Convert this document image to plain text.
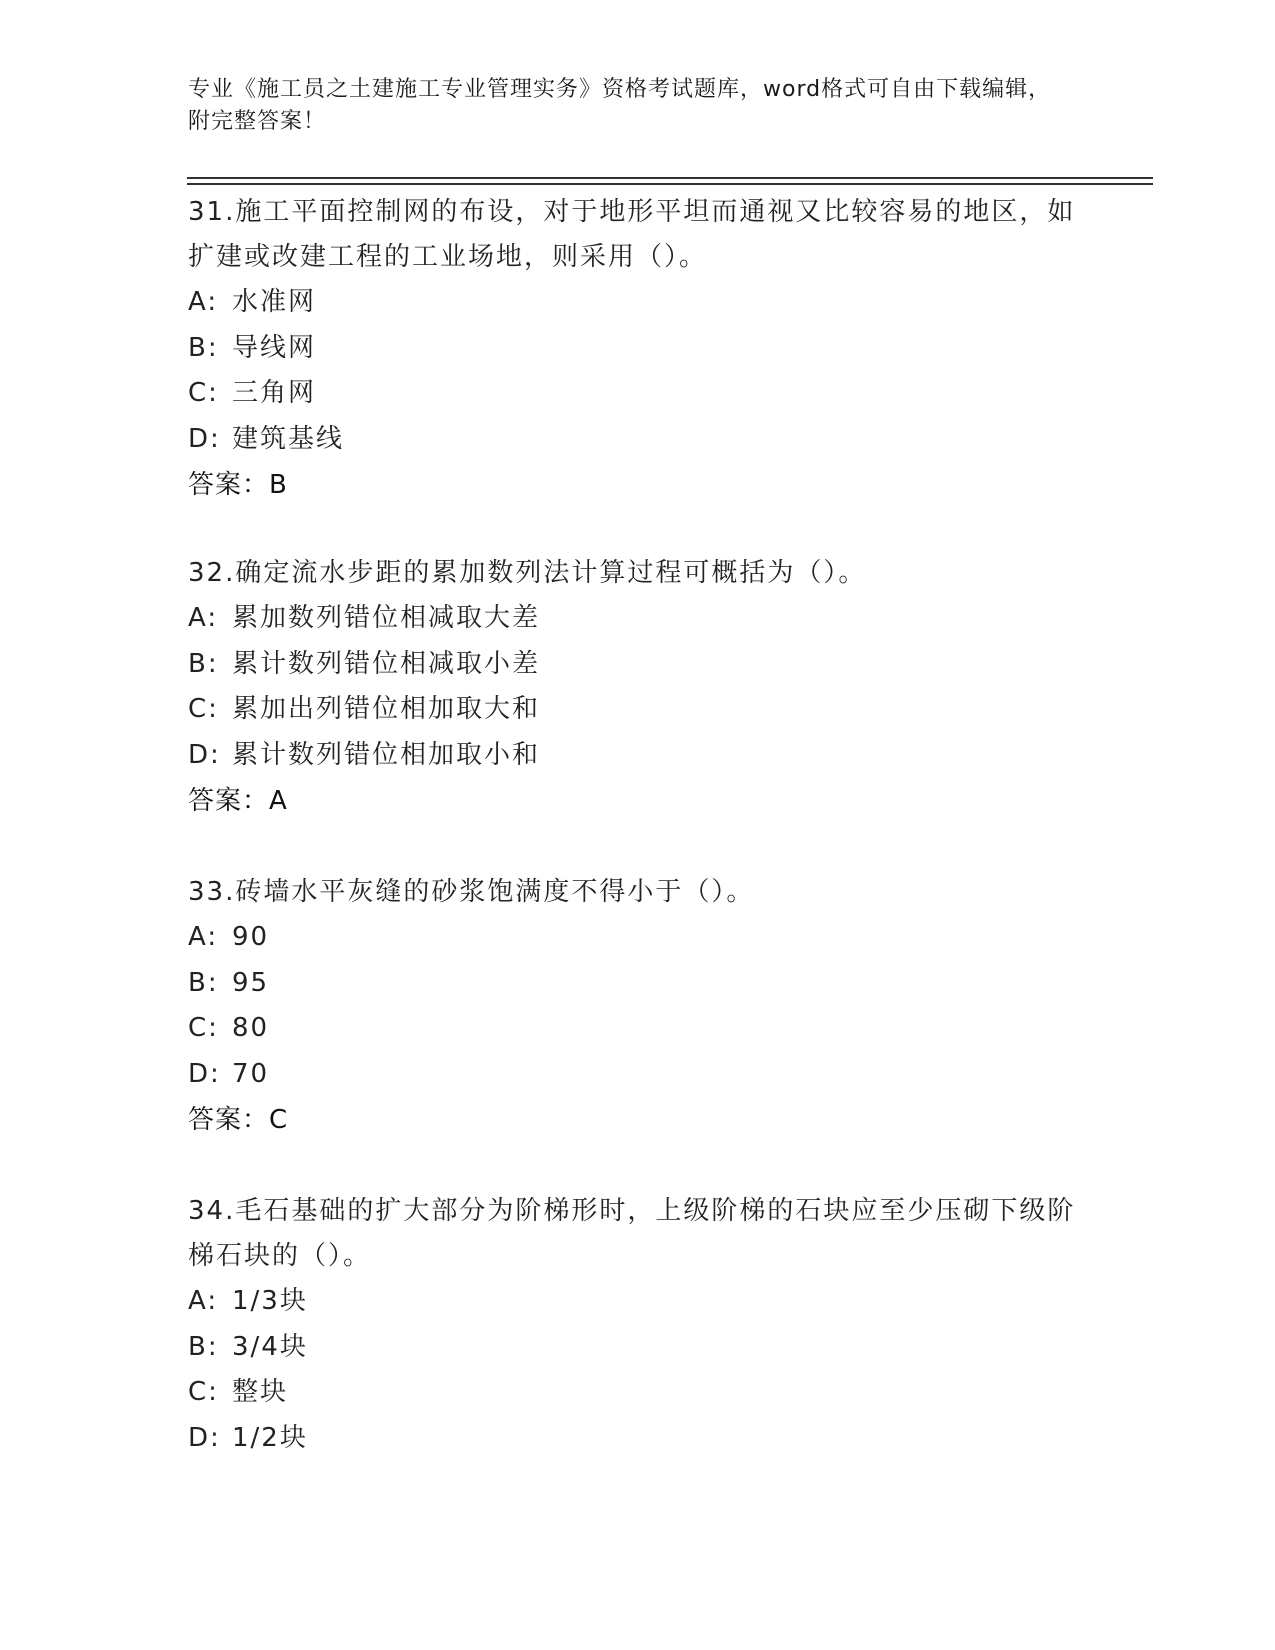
专业《施工员之土建施工专业管理实务》资格考试题库，word格式可自由下载编辑，附完整答案！

31.施工平面控制网的布设，对于地形平坦而通视又比较容易的地区，如扩建或改建工程的工业场地，则采用（）。

A: 水准网
B: 导线网
C: 三角网
D: 建筑基线
答案： B

32.确定流水步距的累加数列法计算过程可概括为（）。

A: 累加数列错位相减取大差
B: 累计数列错位相减取小差
C: 累加出列错位相加取大和
D: 累计数列错位相加取小和
答案： A

33.砖墙水平灰缝的砂浆饱满度不得小于（）。

A: 90
B: 95
C: 80
D: 70
答案： C

34.毛石基础的扩大部分为阶梯形时，上级阶梯的石块应至少压砌下级阶梯石块的（）。

A: 1/3块
B: 3/4块
C: 整块
D: 1/2块
